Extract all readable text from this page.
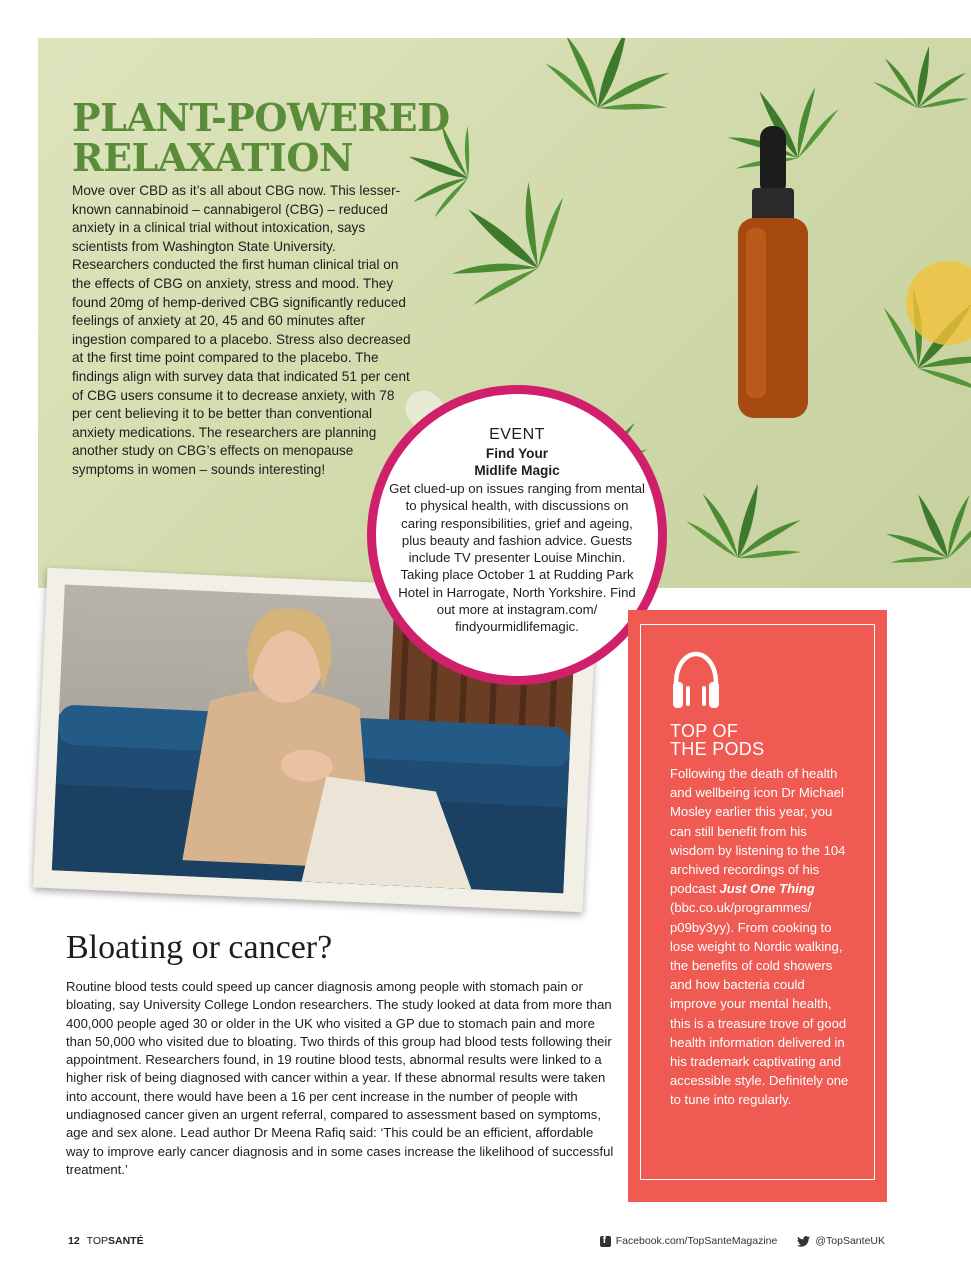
PLANT-POWERED
RELAXATION

Move over CBD as it’s all about CBG now. This lesser-known cannabinoid – cannabigerol (CBG) – reduced anxiety in a clinical trial without intoxication, says scientists from Washington State University. Researchers conducted the first human clinical trial on the effects of CBG on anxiety, stress and mood. They found 20mg of hemp-derived CBG significantly reduced feelings of anxiety at 20, 45 and 60 minutes after ingestion compared to a placebo. Stress also decreased at the first time point compared to the placebo. The findings align with survey data that indicated 51 per cent of CBG users consume it to decrease anxiety, with 78 per cent believing it to be better than conventional anxiety medications. The researchers are planning another study on CBG’s effects on menopause symptoms in women – sounds interesting!

EVENT
Find Your
Midlife Magic
Get clued-up on issues ranging from mental to physical health, with discussions on caring responsibilities, grief and ageing, plus beauty and fashion advice. Guests include TV presenter Louise Minchin. Taking place October 1 at Rudding Park Hotel in Harrogate, North Yorkshire. Find out more at instagram.com/ findyourmidlifemagic.
Bloating or cancer?

Routine blood tests could speed up cancer diagnosis among people with stomach pain or bloating, say University College London researchers. The study looked at data from more than 400,000 people aged 30 or older in the UK who visited a GP due to stomach pain and more than 50,000 who visited due to bloating. Two thirds of this group had blood tests following their appointment. Researchers found, in 19 routine blood tests, abnormal results were linked to a higher risk of being diagnosed with cancer within a year. If these abnormal results were taken into account, there would have been a 16 per cent increase in the number of people with undiagnosed cancer given an urgent referral, compared to assessment based on symptoms, age and sex alone. Lead author Dr Meena Rafiq said: ‘This could be an efficient, affordable way to improve early cancer diagnosis and in some cases increase the likelihood of successful treatment.’

TOP OF
THE PODS

Following the death of health and wellbeing icon Dr Michael Mosley earlier this year, you can still benefit from his wisdom by listening to the 104 archived recordings of his podcast Just One Thing (bbc.co.uk/programmes/ p09by3yy). From cooking to lose weight to Nordic walking, the benefits of cold showers and how bacteria could improve your mental health, this is a treasure trove of good health information delivered in his trademark captivating and accessible style. Definitely one to tune into regularly.

12 TOPSANTÉ
f	Facebook.com/TopSanteMagazine	@TopSanteUK
